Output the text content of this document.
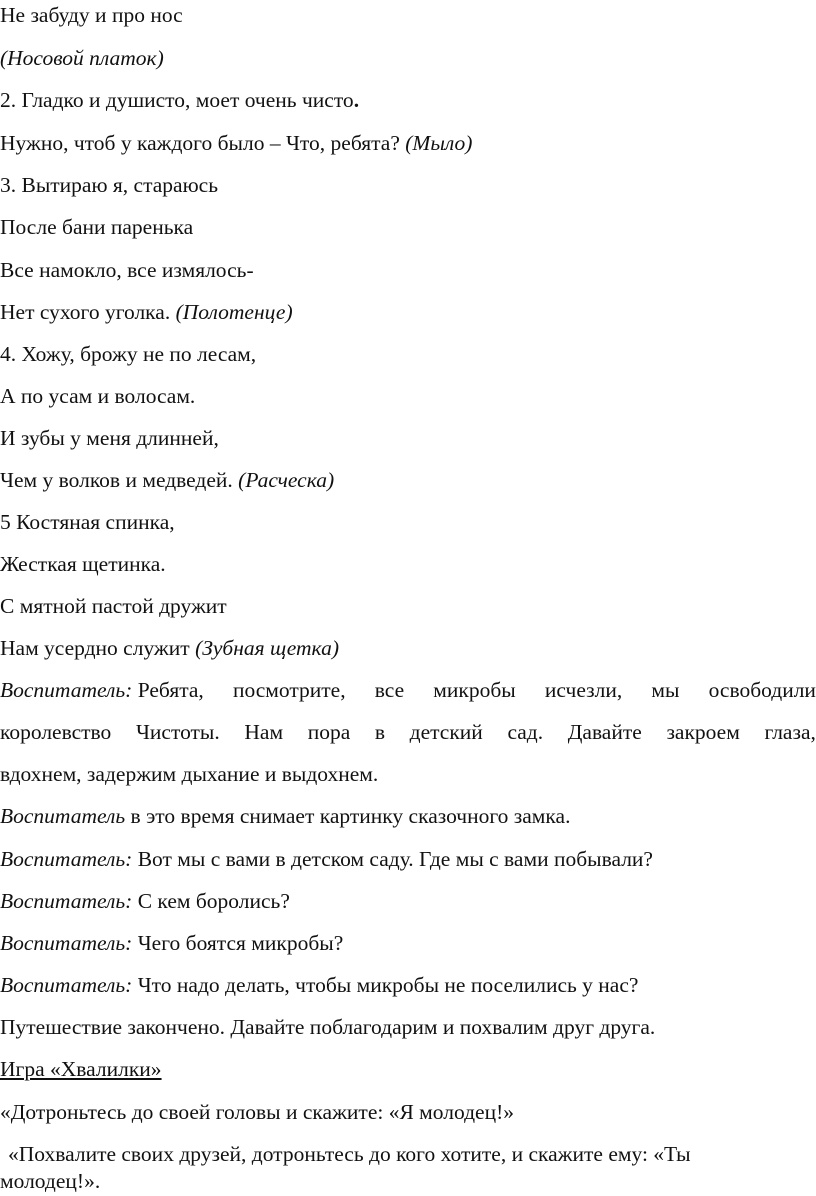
Не забуду и про нос
(Носовой платок)
2. Гладко и душисто, моет очень чисто.
Нужно, чтоб у каждого было – Что, ребята? (Мыло)
3. Вытираю я, стараюсь
После бани паренька
Все намокло, все измялось-
Нет сухого уголка. (Полотенце)
4. Хожу, брожу не по лесам,
А по усам и волосам.
И зубы у меня длинней,
Чем у волков и медведей. (Расческа)
5 Костяная спинка,
Жесткая щетинка.
С мятной пастой дружит
Нам усердно служит (Зубная щетка)
Воспитатель: Ребята, посмотрите, все микробы исчезли, мы освободили
королевство Чистоты. Нам пора в детский сад. Давайте закроем глаза,
вдохнем, задержим дыхание и выдохнем.
Воспитатель в это время снимает картинку сказочного замка.
Воспитатель: Вот мы с вами в детском саду. Где мы с вами побывали?
Воспитатель: С кем боролись?
Воспитатель: Чего боятся микробы?
Воспитатель: Что надо делать, чтобы микробы не поселились у нас?
Путешествие закончено. Давайте поблагодарим и похвалим друг друга.
Игра «Хвалилки»
«Дотроньтесь до своей головы и скажите: «Я молодец!»
«Похвалите своих друзей, дотроньтесь до кого хотите, и скажите ему: «Ты
молодец!».
